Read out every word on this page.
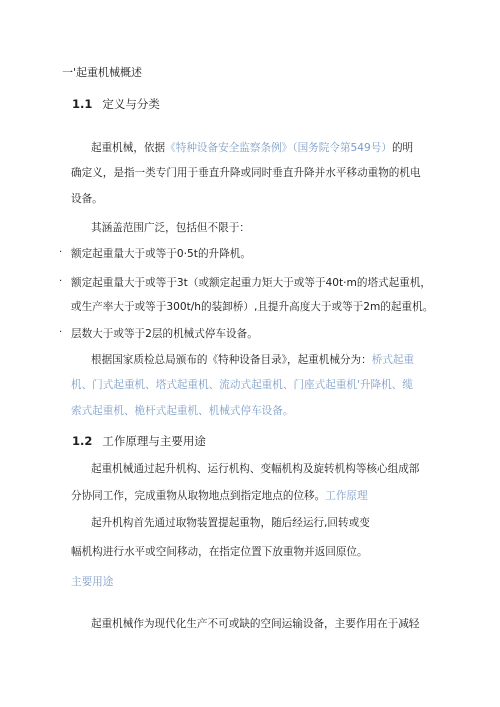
一'起重机械概述
1.1 定义与分类
起重机械，依据《特种设备安全监察条例》（国务院令第549号）的明
确定义，是指一类专门用于垂直升降或同时垂直升降并水平移动重物的机电
设备。
其涵盖范围广泛，包括但不限于：
· 额定起重量大于或等于0·5t的升降机。
· 额定起重量大于或等于3t（或额定起重力矩大于或等于40t·m的塔式起重机，
或生产率大于或等于300t/h的装卸桥）,且提升高度大于或等于2m的起重机。
· 层数大于或等于2层的机械式停车设备。
根据国家质检总局颁布的《特种设备目录》，起重机械分为：桥式起重
机、门式起重机、塔式起重机、流动式起重机、门座式起重机'升降机、缆
索式起重机、桅杆式起重机、机械式停车设备。
1.2 工作原理与主要用途
起重机械通过起升机构、运行机构、变幅机构及旋转机构等核心组成部
分协同工作，完成重物从取物地点到指定地点的位移。工作原理
起升机构首先通过取物装置提起重物，随后经运行,回转或变
幅机构进行水平或空间移动，在指定位置下放重物并返回原位。
主要用途
起重机械作为现代化生产不可或缺的空间运输设备，主要作用在于减轻
